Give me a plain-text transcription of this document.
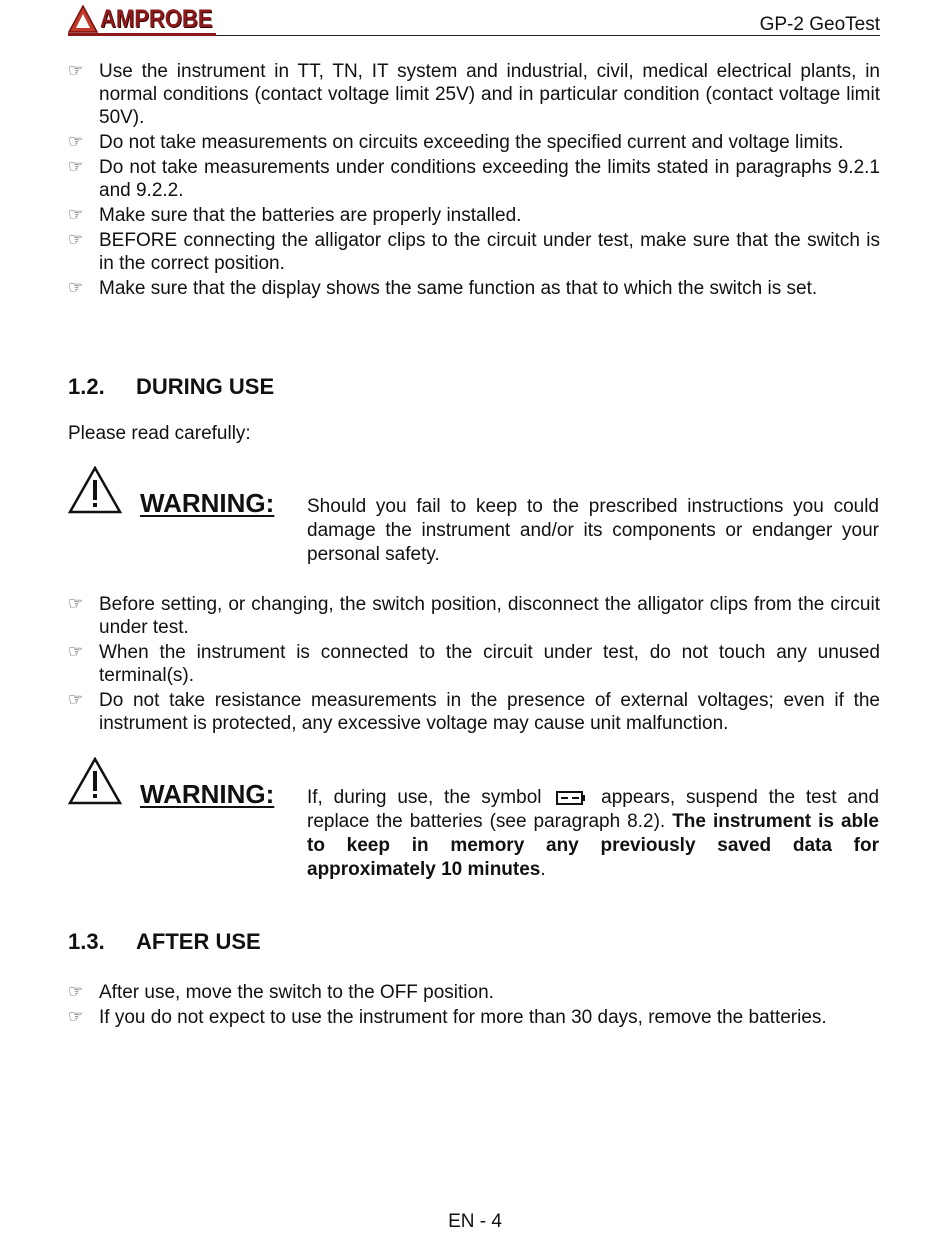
AMPROBE	GP-2 GeoTest
☞ Use the instrument in TT, TN, IT system and industrial, civil, medical electrical plants, in normal conditions (contact voltage limit 25V) and in particular condition (contact voltage limit 50V).
☞ Do not take measurements on circuits exceeding the specified current and voltage limits.
☞ Do not take measurements under conditions exceeding the limits stated in paragraphs 9.2.1 and 9.2.2.
☞ Make sure that the batteries are properly installed.
☞ BEFORE connecting the alligator clips to the circuit under test, make sure that the switch is in the correct position.
☞ Make sure that the display shows the same function as that to which the switch is set.
1.2. DURING USE
Please read carefully:
WARNING: Should you fail to keep to the prescribed instructions you could damage the instrument and/or its components or endanger your personal safety.
☞ Before setting, or changing, the switch position, disconnect the alligator clips from the circuit under test.
☞ When the instrument is connected to the circuit under test, do not touch any unused terminal(s).
☞ Do not take resistance measurements in the presence of external voltages; even if the instrument is protected, any excessive voltage may cause unit malfunction.
WARNING: If, during use, the symbol	appears, suspend the test and replace the batteries (see paragraph 8.2). The instrument is able to keep in memory any previously saved data for approximately 10 minutes.
1.3. AFTER USE
☞ After use, move the switch to the OFF position.
☞ If you do not expect to use the instrument for more than 30 days, remove the batteries.
EN - 4
